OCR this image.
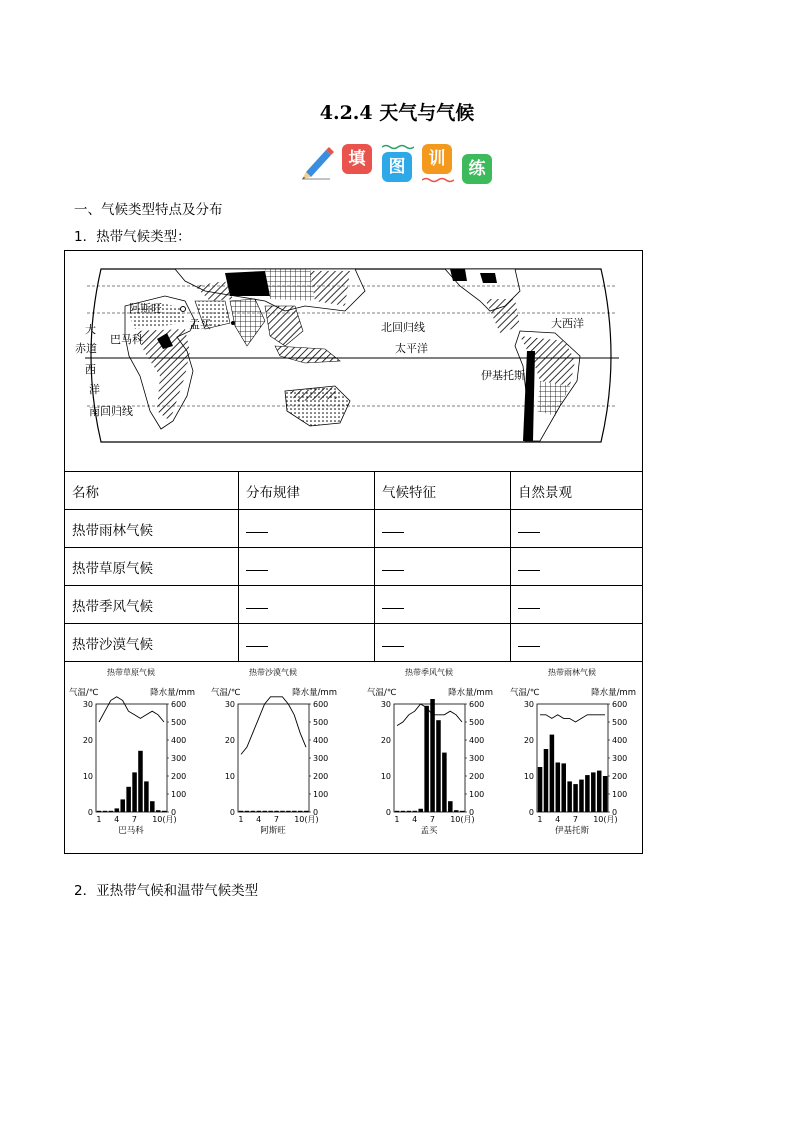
4.2.4 天气与气候
填	图	训	练
一、气候类型特点及分布
1．热带气候类型：
阿斯旺
孟买
大
巴马科
赤道
西
洋
南回归线
北回归线
太平洋
大西洋
伊基托斯
名称	分布规律	气候特征	自然景观
热带雨林气候			
热带草原气候			
热带季风气候			
热带沙漠气候			
热带草原气候
气温/℃	降水量/mm
0
10
20
30
0
100
200
300
400
500
600
1 4 7 10(月)
巴马科
热带沙漠气候
气温/℃	降水量/mm
0
10
20
30
0
100
200
300
400
500
600
1 4 7 10(月)
阿斯旺
热带季风气候
气温/℃	降水量/mm
0
10
20
30
0
100
200
300
400
500
600
1 4 7 10(月)
孟买
热带雨林气候
气温/℃	降水量/mm
0
10
20
30
0
100
200
300
400
500
600
1 4 7 10(月)
伊基托斯
2．亚热带气候和温带气候类型
